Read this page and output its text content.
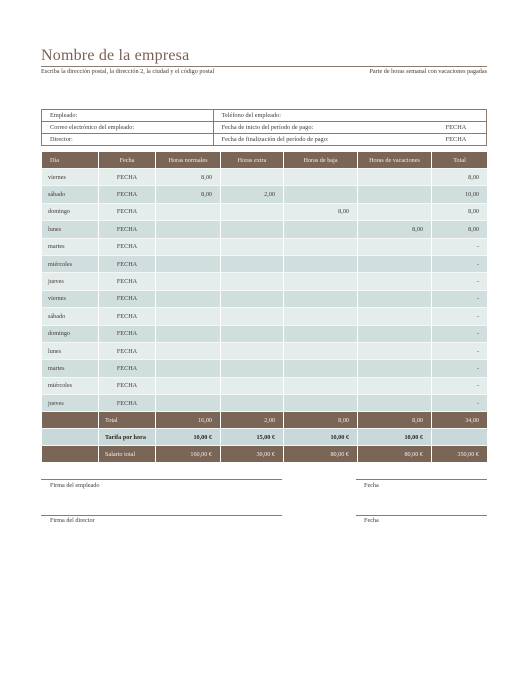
Nombre de la empresa
Escriba la dirección postal, la dirección 2, la ciudad y el código postal	Parte de horas semanal con vacaciones pagadas
Empleado:	Teléfono del empleado:	
Correo electrónico del empleado:	Fecha de inicio del período de pago:	FECHA
Director:	Fecha de finalización del período de pago:	FECHA
Día	Fecha	Horas normales	Horas extra	Horas de baja	Horas de vacaciones	Total
viernes	FECHA	8,00				8,00
sábado	FECHA	8,00	2,00			10,00
domingo	FECHA			8,00		8,00
lunes	FECHA				8,00	8,00
martes	FECHA					-
miércoles	FECHA					-
jueves	FECHA					-
viernes	FECHA					-
sábado	FECHA					-
domingo	FECHA					-
lunes	FECHA					-
martes	FECHA					-
miércoles	FECHA					-
jueves	FECHA					-
	Total	16,00	2,00	8,00	8,00	34,00
	Tarifa por hora	10,00 €	15,00 €	10,00 €	10,00 €	
	Salario total	160,00 €	30,00 €	80,00 €	80,00 €	350,00 €
Firma del empleado	Fecha
Firma del director	Fecha
